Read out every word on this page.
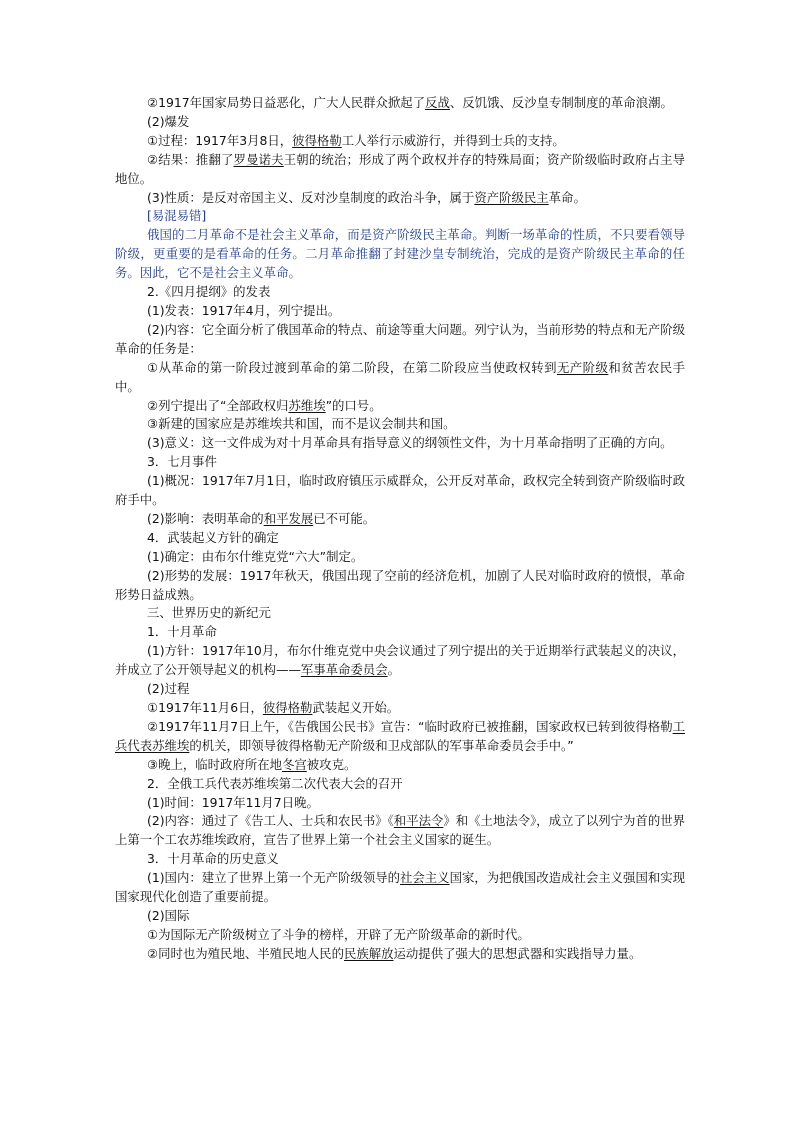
②1917年国家局势日益恶化，广大人民群众掀起了反战、反饥饿、反沙皇专制制度的革命浪潮。

(2)爆发

①过程：1917年3月8日，彼得格勒工人举行示威游行，并得到士兵的支持。

②结果：推翻了罗曼诺夫王朝的统治；形成了两个政权并存的特殊局面；资产阶级临时政府占主导地位。

(3)性质：是反对帝国主义、反对沙皇制度的政治斗争，属于资产阶级民主革命。

[易混易错]

俄国的二月革命不是社会主义革命，而是资产阶级民主革命。判断一场革命的性质，不只要看领导阶级，更重要的是看革命的任务。二月革命推翻了封建沙皇专制统治，完成的是资产阶级民主革命的任务。因此，它不是社会主义革命。

2.《四月提纲》的发表

(1)发表：1917年4月，列宁提出。

(2)内容：它全面分析了俄国革命的特点、前途等重大问题。列宁认为，当前形势的特点和无产阶级革命的任务是：

①从革命的第一阶段过渡到革命的第二阶段，在第二阶段应当使政权转到无产阶级和贫苦农民手中。

②列宁提出了“全部政权归苏维埃”的口号。

③新建的国家应是苏维埃共和国，而不是议会制共和国。

(3)意义：这一文件成为对十月革命具有指导意义的纲领性文件，为十月革命指明了正确的方向。

3．七月事件

(1)概况：1917年7月1日，临时政府镇压示威群众，公开反对革命，政权完全转到资产阶级临时政府手中。

(2)影响：表明革命的和平发展已不可能。

4．武装起义方针的确定

(1)确定：由布尔什维克党“六大”制定。

(2)形势的发展：1917年秋天，俄国出现了空前的经济危机，加剧了人民对临时政府的愤恨，革命形势日益成熟。

三、世界历史的新纪元

1．十月革命

(1)方针：1917年10月，布尔什维克党中央会议通过了列宁提出的关于近期举行武装起义的决议，并成立了公开领导起义的机构——军事革命委员会。

(2)过程

①1917年11月6日，彼得格勒武装起义开始。

②1917年11月7日上午，《告俄国公民书》宣告：“临时政府已被推翻，国家政权已转到彼得格勒工兵代表苏维埃的机关，即领导彼得格勒无产阶级和卫戍部队的军事革命委员会手中。”

③晚上，临时政府所在地冬宫被攻克。

2．全俄工兵代表苏维埃第二次代表大会的召开

(1)时间：1917年11月7日晚。

(2)内容：通过了《告工人、士兵和农民书》《和平法令》和《土地法令》，成立了以列宁为首的世界上第一个工农苏维埃政府，宣告了世界上第一个社会主义国家的诞生。

3．十月革命的历史意义

(1)国内：建立了世界上第一个无产阶级领导的社会主义国家，为把俄国改造成社会主义强国和实现国家现代化创造了重要前提。

(2)国际

①为国际无产阶级树立了斗争的榜样，开辟了无产阶级革命的新时代。

②同时也为殖民地、半殖民地人民的民族解放运动提供了强大的思想武器和实践指导力量。
